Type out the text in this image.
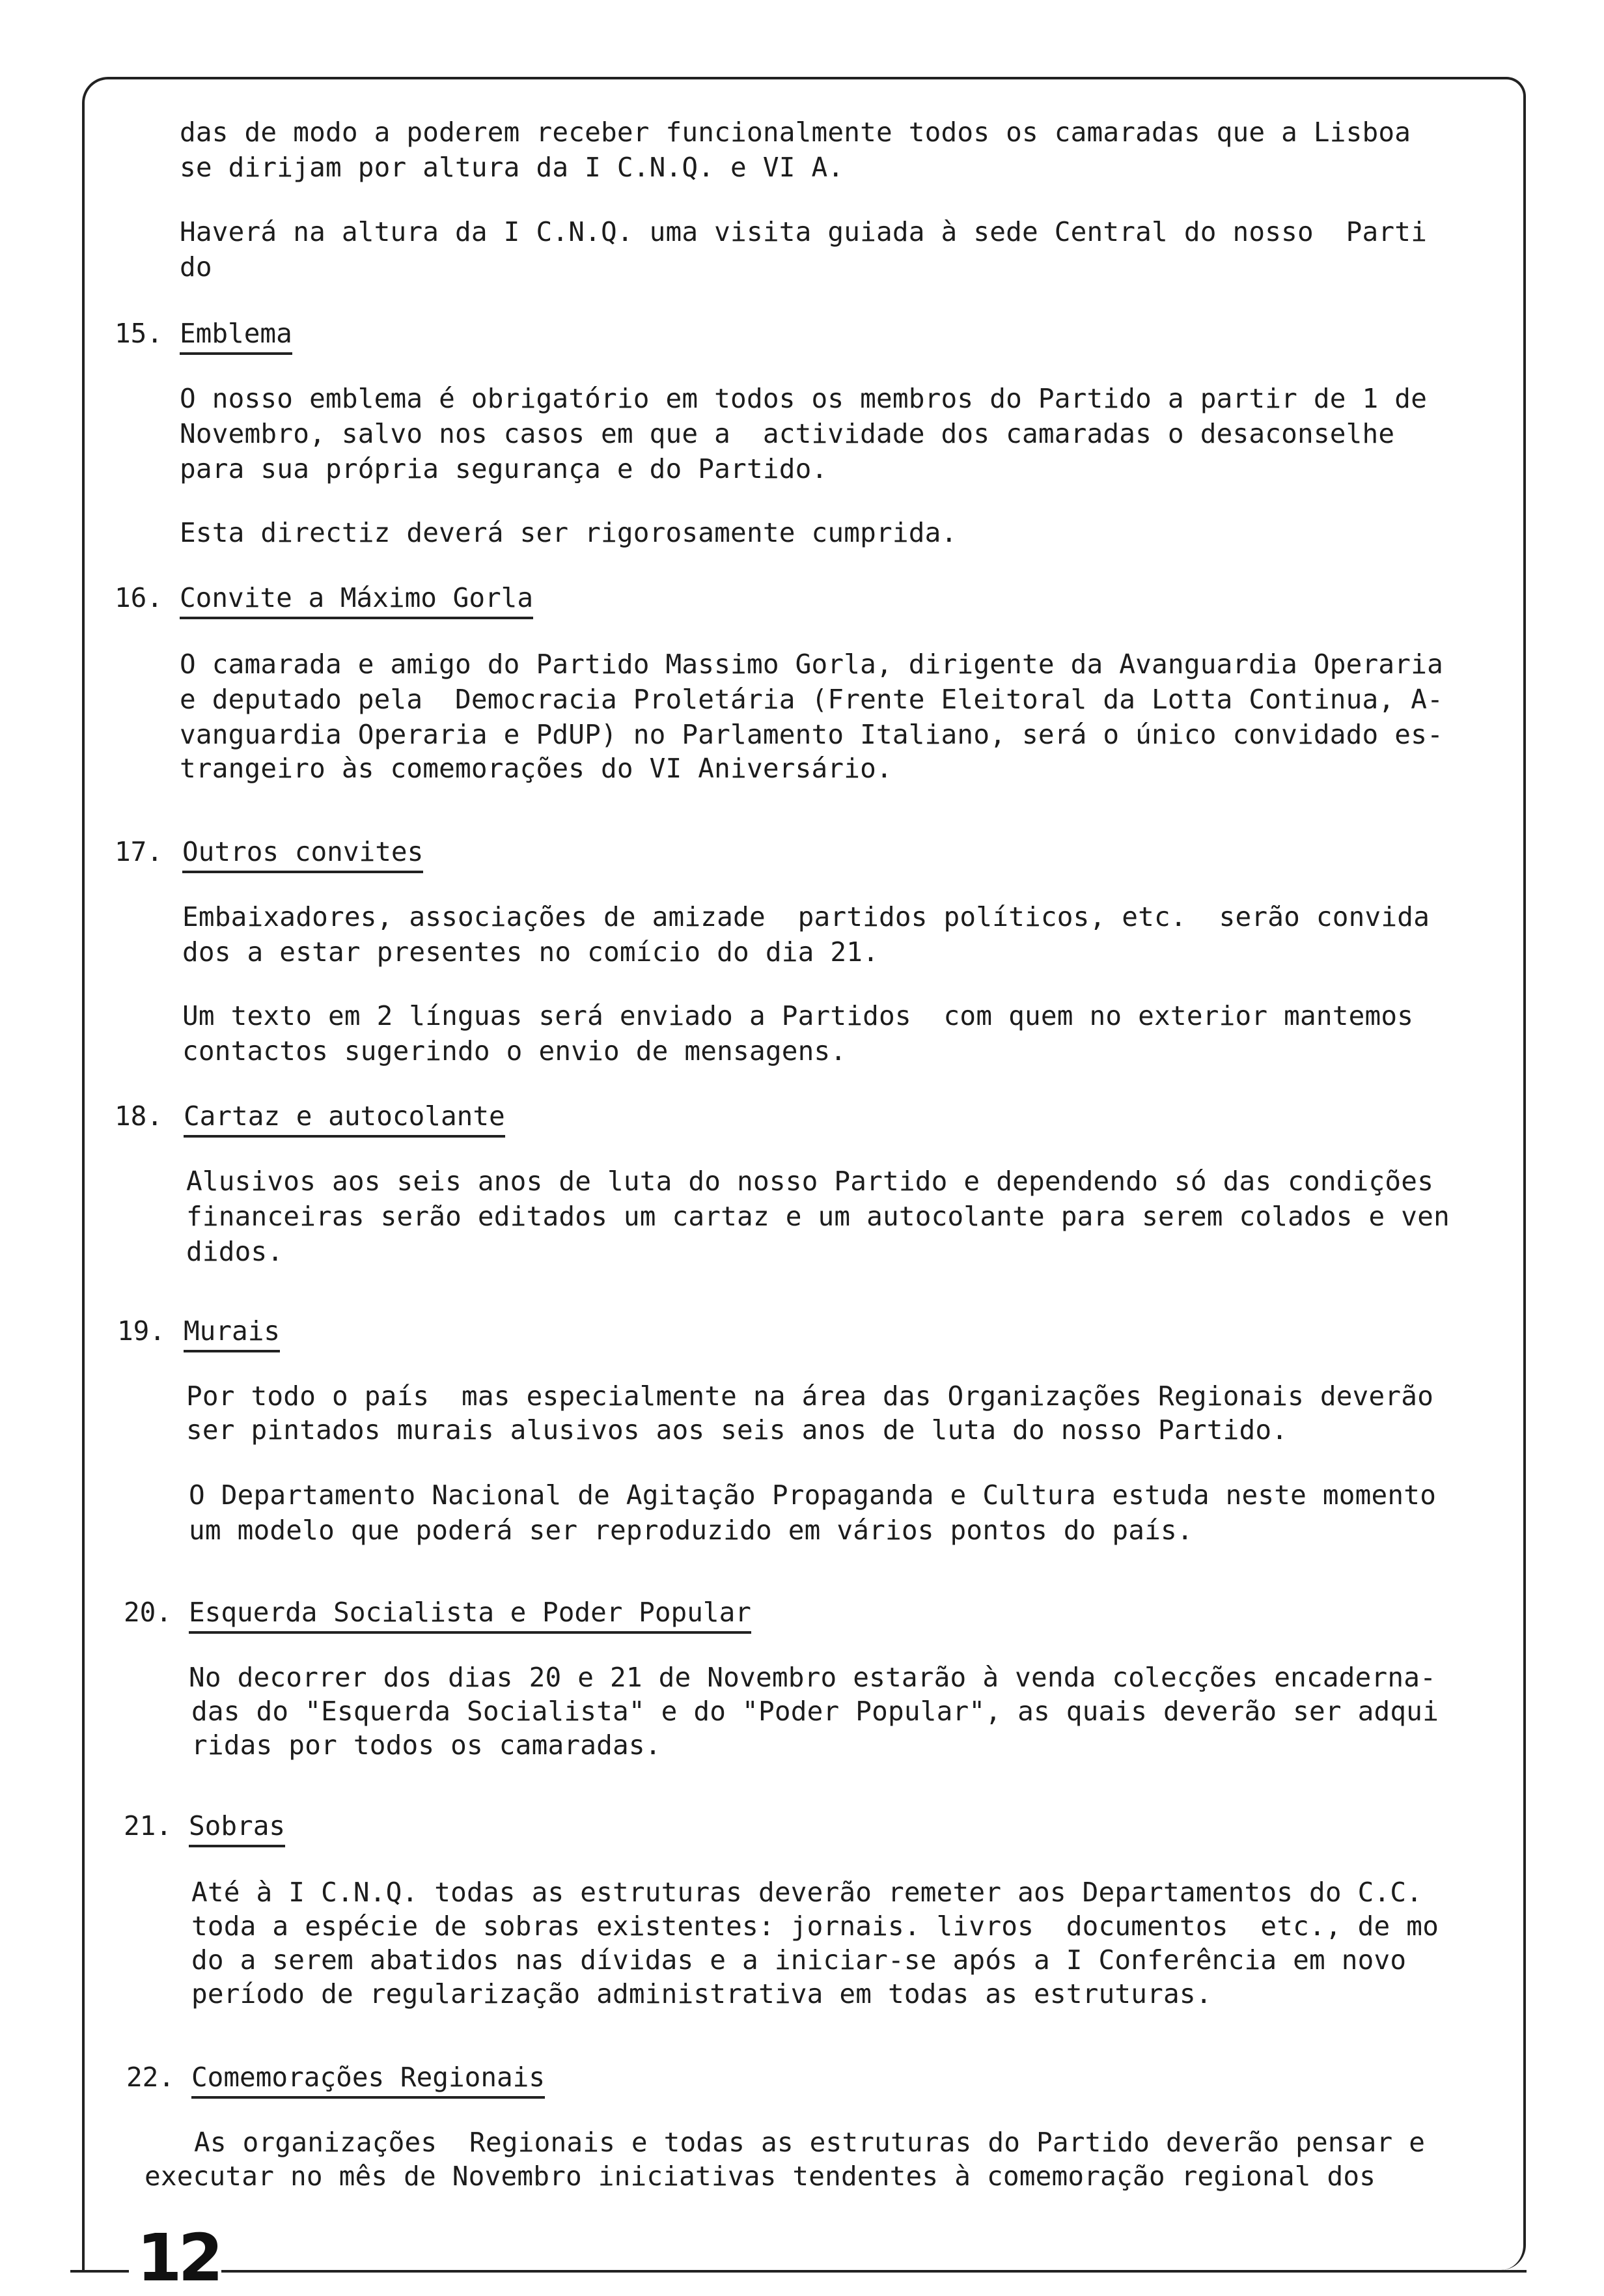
12
das de modo a poderem receber funcionalmente todos os camaradas que a Lisboa
se dirijam por altura da I C.N.Q. e VI A.
Haverá na altura da I C.N.Q. uma visita guiada à sede Central do nosso  Parti
do
15. Emblema
O nosso emblema é obrigatório em todos os membros do Partido a partir de 1 de
Novembro, salvo nos casos em que a  actividade dos camaradas o desaconselhe
para sua própria segurança e do Partido.
Esta directiz deverá ser rigorosamente cumprida.
16. Convite a Máximo Gorla
O camarada e amigo do Partido Massimo Gorla, dirigente da Avanguardia Operaria
e deputado pela  Democracia Proletária (Frente Eleitoral da Lotta Continua, A-
vanguardia Operaria e PdUP) no Parlamento Italiano, será o único convidado es-
trangeiro às comemorações do VI Aniversário.
17. Outros convites
Embaixadores, associações de amizade  partidos políticos, etc.  serão convida
dos a estar presentes no comício do dia 21.
Um texto em 2 línguas será enviado a Partidos  com quem no exterior mantemos
contactos sugerindo o envio de mensagens.
18. Cartaz e autocolante
Alusivos aos seis anos de luta do nosso Partido e dependendo só das condições
financeiras serão editados um cartaz e um autocolante para serem colados e ven
didos.
19. Murais
Por todo o país  mas especialmente na área das Organizações Regionais deverão
ser pintados murais alusivos aos seis anos de luta do nosso Partido.
O Departamento Nacional de Agitação Propaganda e Cultura estuda neste momento
um modelo que poderá ser reproduzido em vários pontos do país.
20. Esquerda Socialista e Poder Popular
No decorrer dos dias 20 e 21 de Novembro estarão à venda colecções encaderna-
das do "Esquerda Socialista" e do "Poder Popular", as quais deverão ser adqui
ridas por todos os camaradas.
21. Sobras
Até à I C.N.Q. todas as estruturas deverão remeter aos Departamentos do C.C.
toda a espécie de sobras existentes: jornais. livros  documentos  etc., de mo
do a serem abatidos nas dívidas e a iniciar-se após a I Conferência em novo
período de regularização administrativa em todas as estruturas.
22. Comemorações Regionais
As organizações  Regionais e todas as estruturas do Partido deverão pensar e
executar no mês de Novembro iniciativas tendentes à comemoração regional dos
